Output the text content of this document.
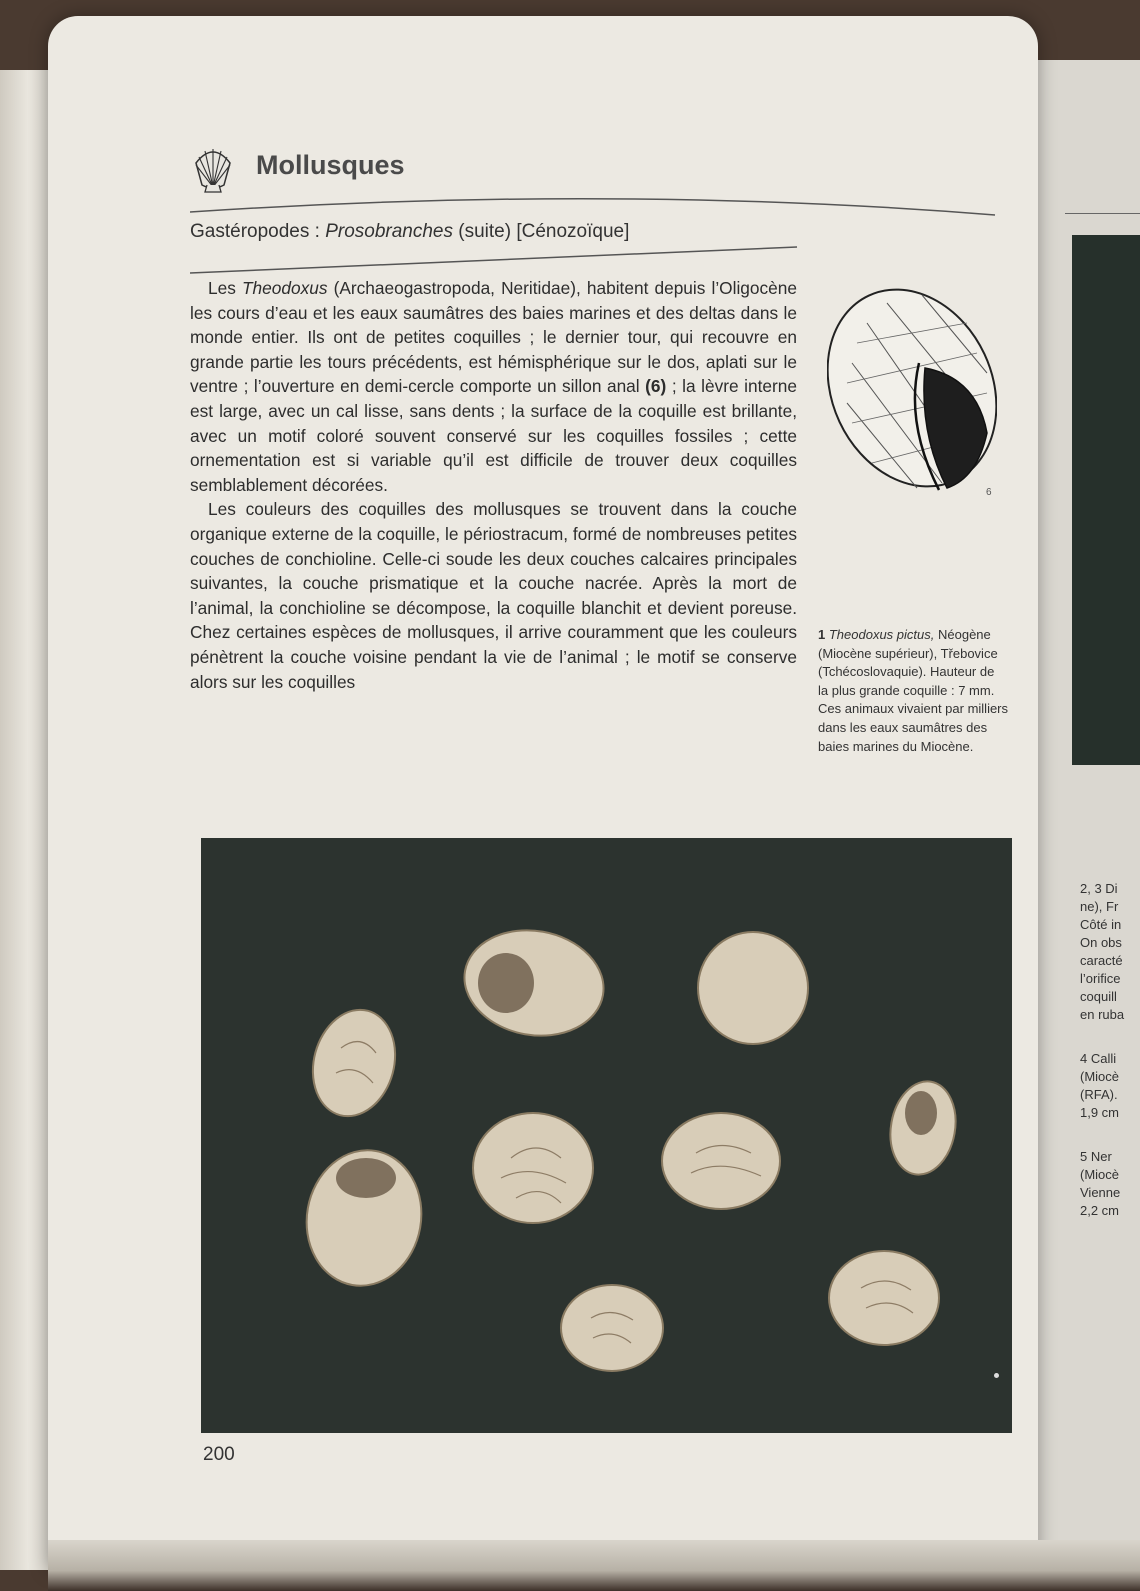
Mollusques
Gastéropodes : Prosobranches (suite) [Cénozoïque]

Les Theodoxus (Archaeogastropoda, Neritidae), habitent depuis l’Oligocène les cours d’eau et les eaux saumâtres des baies marines et des deltas dans le monde entier. Ils ont de petites coquilles ; le dernier tour, qui recouvre en grande partie les tours précédents, est hémisphérique sur le dos, aplati sur le ventre ; l’ouverture en demi-cercle comporte un sillon anal (6) ; la lèvre interne est large, avec un cal lisse, sans dents ; la surface de la coquille est brillante, avec un motif coloré souvent conservé sur les coquilles fossiles ; cette ornementation est si variable qu’il est difficile de trouver deux coquilles semblablement décorées.

Les couleurs des coquilles des mollusques se trouvent dans la couche organique externe de la coquille, le périostracum, formé de nombreuses petites couches de conchioline. Celle-ci soude les deux couches calcaires principales suivantes, la couche prismatique et la couche nacrée. Après la mort de l’animal, la conchioline se décompose, la coquille blanchit et devient poreuse. Chez certaines espèces de mollusques, il arrive couramment que les couleurs pénètrent la couche voisine pendant la vie de l’animal ; le motif se conserve alors sur les coquilles

6
1 Theodoxus pictus, Néogène (Miocène supérieur), Třebovice (Tchécoslovaquie). Hauteur de la plus grande coquille : 7 mm. Ces animaux vivaient par milliers dans les eaux saumâtres des baies marines du Miocène.
2, 3 Di
ne), Fr
Côté in
On obs
caracté
l’orifice
coquill
en ruba
4 Calli
(Miocè
(RFA).
1,9 cm
5 Ner
(Miocè
Vienne
2,2 cm
200
